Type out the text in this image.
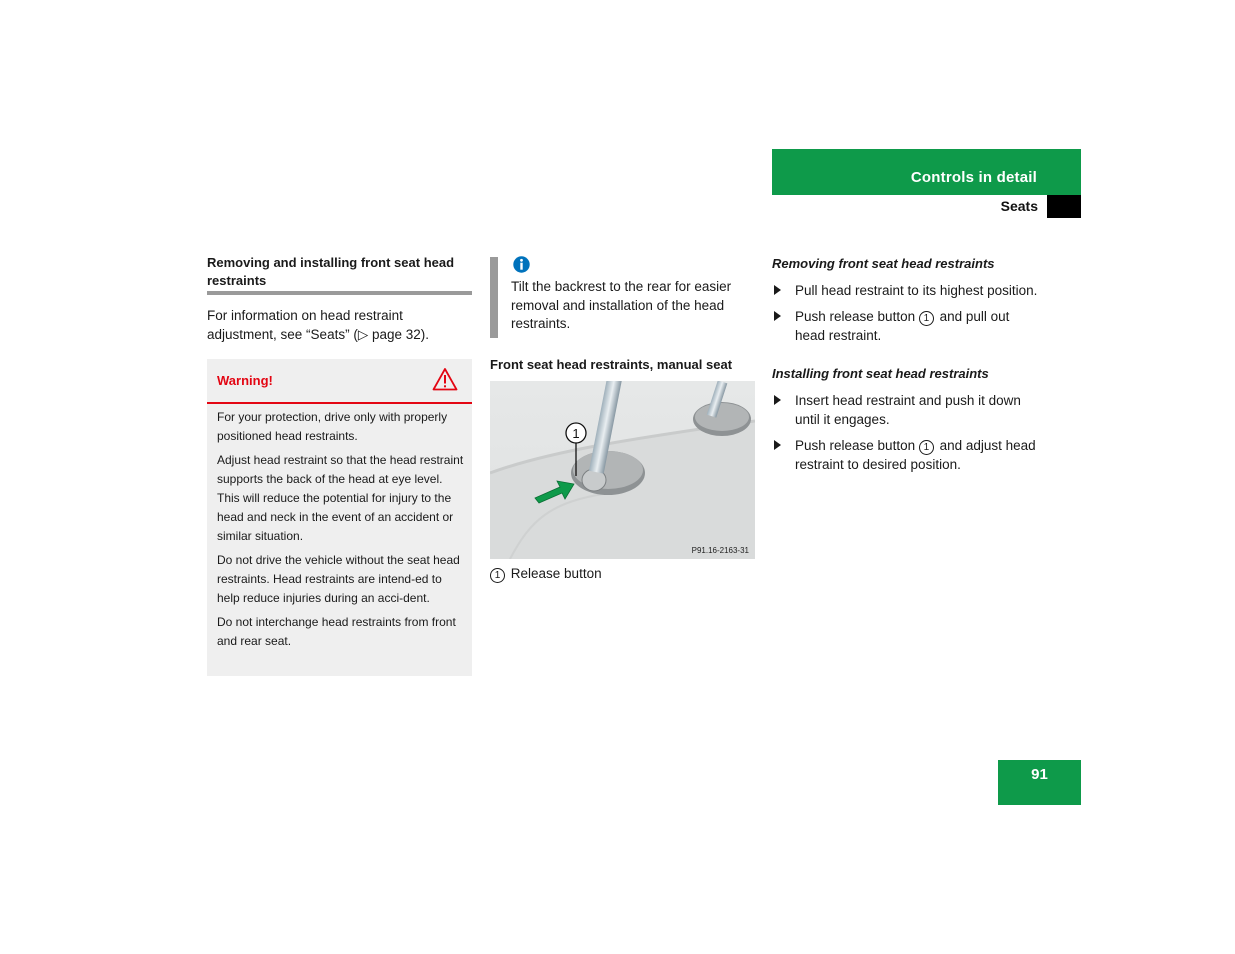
Controls in detail
Seats
Removing and installing front seat head restraints
For information on head restraint adjustment, see “Seats” (▷ page 32).
Warning!

For your protection, drive only with properly positioned head restraints.

Adjust head restraint so that the head restraint supports the back of the head at eye level. This will reduce the potential for injury to the head and neck in the event of an accident or similar situation.

Do not drive the vehicle without the seat head restraints. Head restraints are intend-ed to help reduce injuries during an acci-dent.

Do not interchange head restraints from front and rear seat.

Tilt the backrest to the rear for easier removal and installation of the head restraints.
Front seat head restraints, manual seat
1
P91.16-2163-31
1 Release button
Removing front seat head restraints
Pull head restraint to its highest position.
Push release button 1 and pull out head restraint.
Installing front seat head restraints
Insert head restraint and push it down until it engages.
Push release button 1 and adjust head restraint to desired position.
91
